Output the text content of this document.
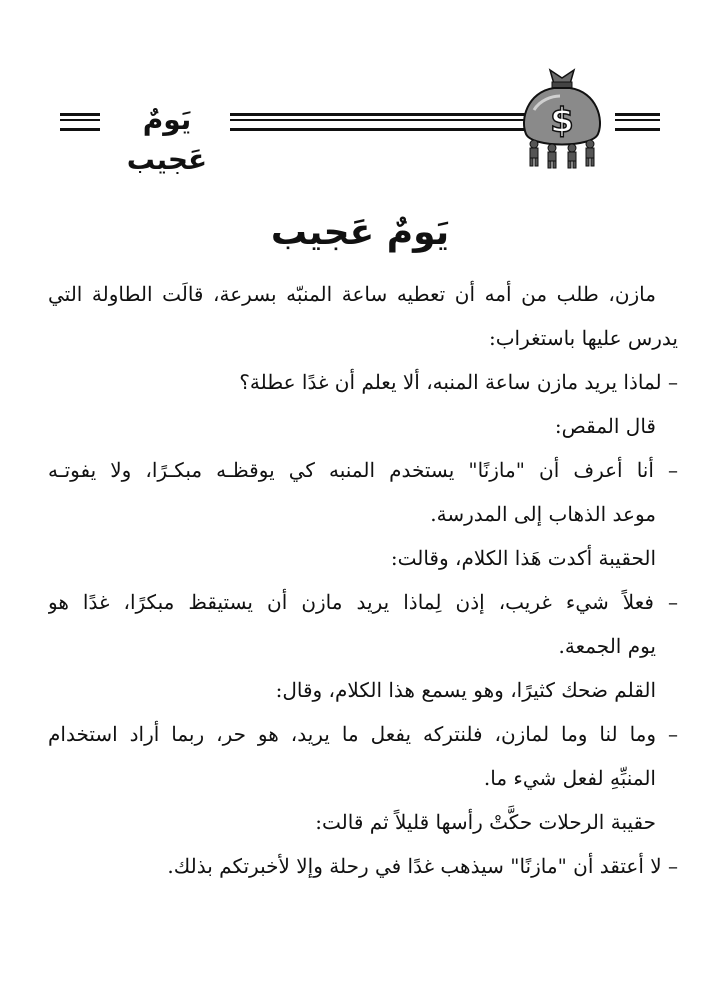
يَومٌ عَجيب
$
يَومٌ عَجيب
مازن، طلب من أمه أن تعطيه ساعة المنبّه بسرعة، قالَت الطاولة التي
يدرس عليها باستغراب:
– لماذا يريد مازن ساعة المنبه، ألا يعلم أن غدًا عطلة؟
قال المقص:
– أنا أعرف أن "مازنًا" يستخدم المنبه كي يوقظـه مبكـرًا، ولا يفوتـه
موعد الذهاب إلى المدرسة.
الحقيبة أكدت هَذا الكلام، وقالت:
– فعلاً شيء غريب، إذن لِماذا يريد مازن أن يستيقظ مبكرًا، غدًا هو
يوم الجمعة.
القلم ضحك كثيرًا، وهو يسمع هذا الكلام، وقال:
– وما لنا وما لمازن، فلنتركه يفعل ما يريد، هو حر، ربما أراد استخدام
المنبِّهِ لفعل شيء ما.
حقيبة الرحلات حكَّتْ رأسها قليلاً ثم قالت:
– لا أعتقد أن "مازنًا" سيذهب غدًا في رحلة وإلا لأخبرتكم بذلك.
